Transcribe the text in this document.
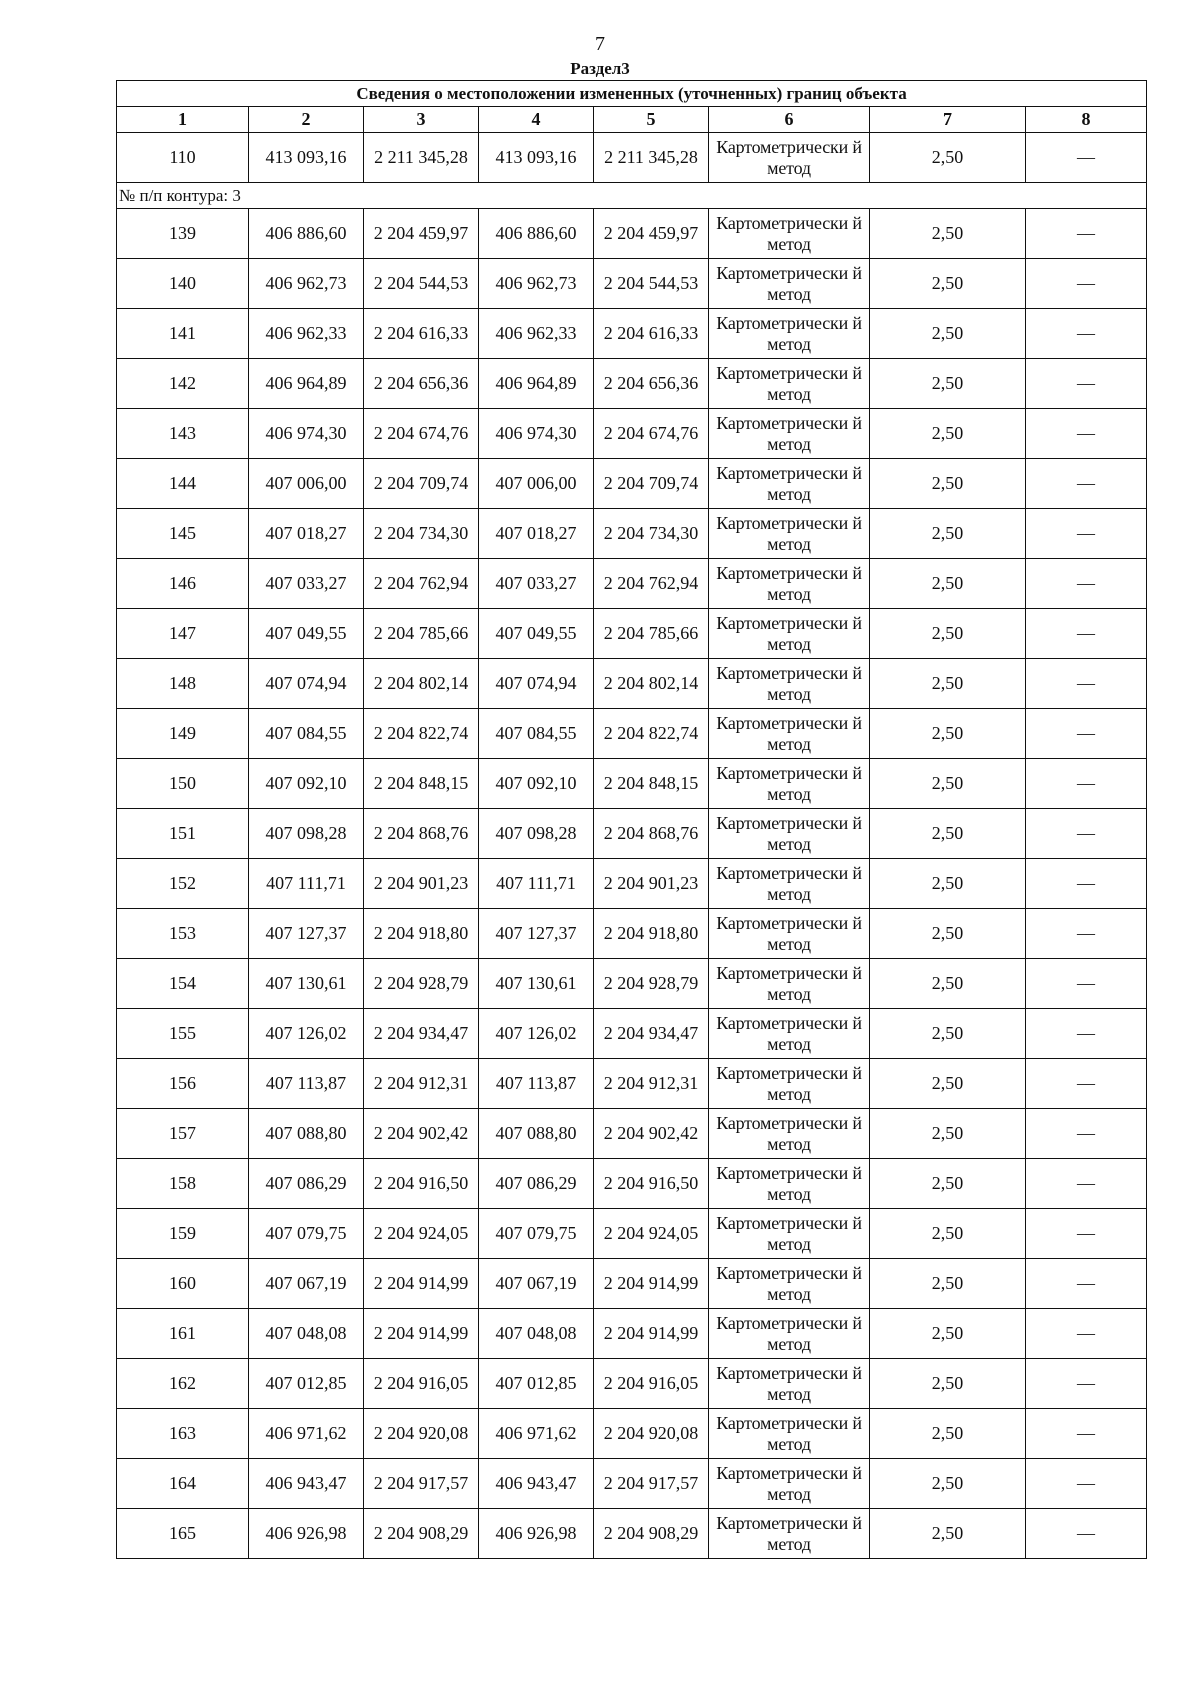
7
Раздел3
Сведения о местоположении измененных (уточненных) границ объекта							
1	2	3	4	5	6	7	8
110	413 093,16	2 211 345,28	413 093,16	2 211 345,28	Картометрически й метод	2,50	—
№ п/п контура: 3							
139	406 886,60	2 204 459,97	406 886,60	2 204 459,97	Картометрически й метод	2,50	—
140	406 962,73	2 204 544,53	406 962,73	2 204 544,53	Картометрически й метод	2,50	—
141	406 962,33	2 204 616,33	406 962,33	2 204 616,33	Картометрически й метод	2,50	—
142	406 964,89	2 204 656,36	406 964,89	2 204 656,36	Картометрически й метод	2,50	—
143	406 974,30	2 204 674,76	406 974,30	2 204 674,76	Картометрически й метод	2,50	—
144	407 006,00	2 204 709,74	407 006,00	2 204 709,74	Картометрически й метод	2,50	—
145	407 018,27	2 204 734,30	407 018,27	2 204 734,30	Картометрически й метод	2,50	—
146	407 033,27	2 204 762,94	407 033,27	2 204 762,94	Картометрически й метод	2,50	—
147	407 049,55	2 204 785,66	407 049,55	2 204 785,66	Картометрически й метод	2,50	—
148	407 074,94	2 204 802,14	407 074,94	2 204 802,14	Картометрически й метод	2,50	—
149	407 084,55	2 204 822,74	407 084,55	2 204 822,74	Картометрически й метод	2,50	—
150	407 092,10	2 204 848,15	407 092,10	2 204 848,15	Картометрически й метод	2,50	—
151	407 098,28	2 204 868,76	407 098,28	2 204 868,76	Картометрически й метод	2,50	—
152	407 111,71	2 204 901,23	407 111,71	2 204 901,23	Картометрически й метод	2,50	—
153	407 127,37	2 204 918,80	407 127,37	2 204 918,80	Картометрически й метод	2,50	—
154	407 130,61	2 204 928,79	407 130,61	2 204 928,79	Картометрически й метод	2,50	—
155	407 126,02	2 204 934,47	407 126,02	2 204 934,47	Картометрически й метод	2,50	—
156	407 113,87	2 204 912,31	407 113,87	2 204 912,31	Картометрически й метод	2,50	—
157	407 088,80	2 204 902,42	407 088,80	2 204 902,42	Картометрически й метод	2,50	—
158	407 086,29	2 204 916,50	407 086,29	2 204 916,50	Картометрически й метод	2,50	—
159	407 079,75	2 204 924,05	407 079,75	2 204 924,05	Картометрически й метод	2,50	—
160	407 067,19	2 204 914,99	407 067,19	2 204 914,99	Картометрически й метод	2,50	—
161	407 048,08	2 204 914,99	407 048,08	2 204 914,99	Картометрически й метод	2,50	—
162	407 012,85	2 204 916,05	407 012,85	2 204 916,05	Картометрически й метод	2,50	—
163	406 971,62	2 204 920,08	406 971,62	2 204 920,08	Картометрически й метод	2,50	—
164	406 943,47	2 204 917,57	406 943,47	2 204 917,57	Картометрически й метод	2,50	—
165	406 926,98	2 204 908,29	406 926,98	2 204 908,29	Картометрически й метод	2,50	—
